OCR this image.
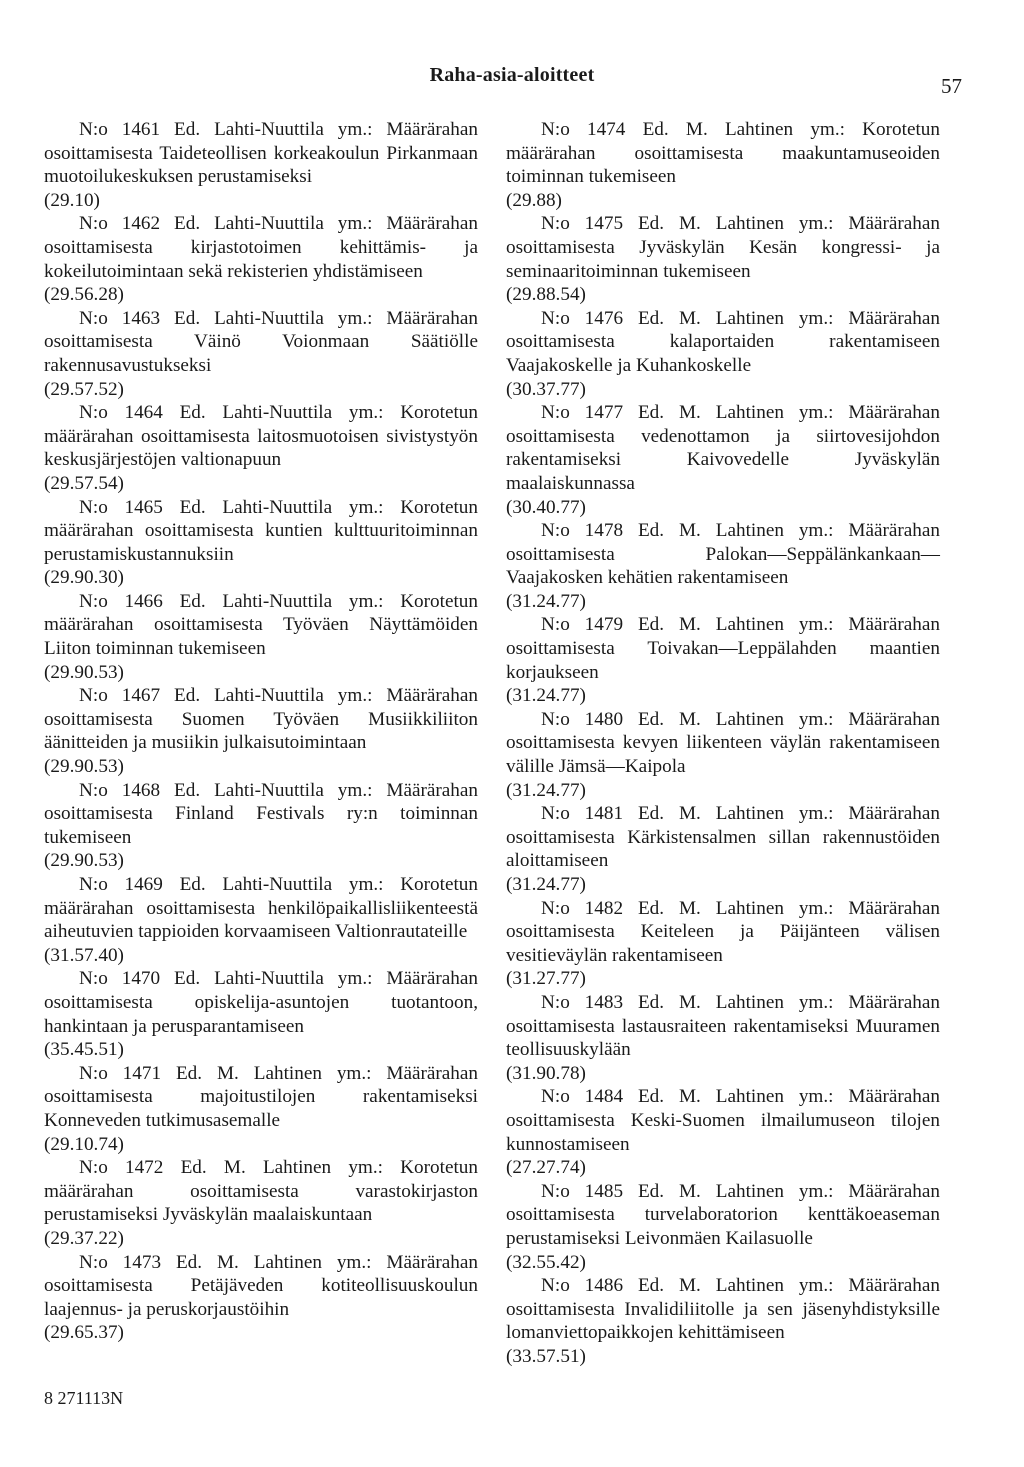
Raha-asia-aloitteet	57
N:o 1461 Ed. Lahti-Nuuttila ym.: Määrärahan osoittamisesta Taideteollisen korkeakoulun Pirkanmaan muotoilukeskuksen perustamiseksi
(29.10)
N:o 1462 Ed. Lahti-Nuuttila ym.: Määrärahan osoittamisesta kirjastotoimen kehittämis- ja kokeilutoimintaan sekä rekisterien yhdistämiseen
(29.56.28)
N:o 1463 Ed. Lahti-Nuuttila ym.: Määrärahan osoittamisesta Väinö Voionmaan Säätiölle rakennusavustukseksi
(29.57.52)
N:o 1464 Ed. Lahti-Nuuttila ym.: Korotetun määrärahan osoittamisesta laitosmuotoisen sivistystyön keskusjärjestöjen valtionapuun
(29.57.54)
N:o 1465 Ed. Lahti-Nuuttila ym.: Korotetun määrärahan osoittamisesta kuntien kulttuuritoiminnan perustamiskustannuksiin
(29.90.30)
N:o 1466 Ed. Lahti-Nuuttila ym.: Korotetun määrärahan osoittamisesta Työväen Näyttämöiden Liiton toiminnan tukemiseen
(29.90.53)
N:o 1467 Ed. Lahti-Nuuttila ym.: Määrärahan osoittamisesta Suomen Työväen Musiikkiliiton äänitteiden ja musiikin julkaisutoimintaan
(29.90.53)
N:o 1468 Ed. Lahti-Nuuttila ym.: Määrärahan osoittamisesta Finland Festivals ry:n toiminnan tukemiseen
(29.90.53)
N:o 1469 Ed. Lahti-Nuuttila ym.: Korotetun määrärahan osoittamisesta henkilöpaikallisliikenteestä aiheutuvien tappioiden korvaamiseen Valtionrautateille
(31.57.40)
N:o 1470 Ed. Lahti-Nuuttila ym.: Määrärahan osoittamisesta opiskelija-asuntojen tuotantoon, hankintaan ja perusparantamiseen
(35.45.51)
N:o 1471 Ed. M. Lahtinen ym.: Määrärahan osoittamisesta majoitustilojen rakentamiseksi Konneveden tutkimusasemalle
(29.10.74)
N:o 1472 Ed. M. Lahtinen ym.: Korotetun määrärahan osoittamisesta varastokirjaston perustamiseksi Jyväskylän maalaiskuntaan
(29.37.22)
N:o 1473 Ed. M. Lahtinen ym.: Määrärahan osoittamisesta Petäjäveden kotiteollisuuskoulun laajennus- ja peruskorjaustöihin
(29.65.37)
N:o 1474 Ed. M. Lahtinen ym.: Korotetun määrärahan osoittamisesta maakuntamuseoiden toiminnan tukemiseen
(29.88)
N:o 1475 Ed. M. Lahtinen ym.: Määrärahan osoittamisesta Jyväskylän Kesän kongressi- ja seminaaritoiminnan tukemiseen
(29.88.54)
N:o 1476 Ed. M. Lahtinen ym.: Määrärahan osoittamisesta kalaportaiden rakentamiseen Vaajakoskelle ja Kuhankoskelle
(30.37.77)
N:o 1477 Ed. M. Lahtinen ym.: Määrärahan osoittamisesta vedenottamon ja siirtovesijohdon rakentamiseksi Kaivovedelle Jyväskylän maalaiskunnassa
(30.40.77)
N:o 1478 Ed. M. Lahtinen ym.: Määrärahan osoittamisesta Palokan—Seppälänkankaan—Vaajakosken kehätien rakentamiseen
(31.24.77)
N:o 1479 Ed. M. Lahtinen ym.: Määrärahan osoittamisesta Toivakan—Leppälahden maantien korjaukseen
(31.24.77)
N:o 1480 Ed. M. Lahtinen ym.: Määrärahan osoittamisesta kevyen liikenteen väylän rakentamiseen välille Jämsä—Kaipola
(31.24.77)
N:o 1481 Ed. M. Lahtinen ym.: Määrärahan osoittamisesta Kärkistensalmen sillan rakennustöiden aloittamiseen
(31.24.77)
N:o 1482 Ed. M. Lahtinen ym.: Määrärahan osoittamisesta Keiteleen ja Päijänteen välisen vesitieväylän rakentamiseen
(31.27.77)
N:o 1483 Ed. M. Lahtinen ym.: Määrärahan osoittamisesta lastausraiteen rakentamiseksi Muuramen teollisuuskylään
(31.90.78)
N:o 1484 Ed. M. Lahtinen ym.: Määrärahan osoittamisesta Keski-Suomen ilmailumuseon tilojen kunnostamiseen
(27.27.74)
N:o 1485 Ed. M. Lahtinen ym.: Määrärahan osoittamisesta turvelaboratorion kenttäkoeaseman perustamiseksi Leivonmäen Kailasuolle
(32.55.42)
N:o 1486 Ed. M. Lahtinen ym.: Määrärahan osoittamisesta Invalidiliitolle ja sen jäsenyhdistyksille lomanviettopaikkojen kehittämiseen
(33.57.51)
8 271113N
